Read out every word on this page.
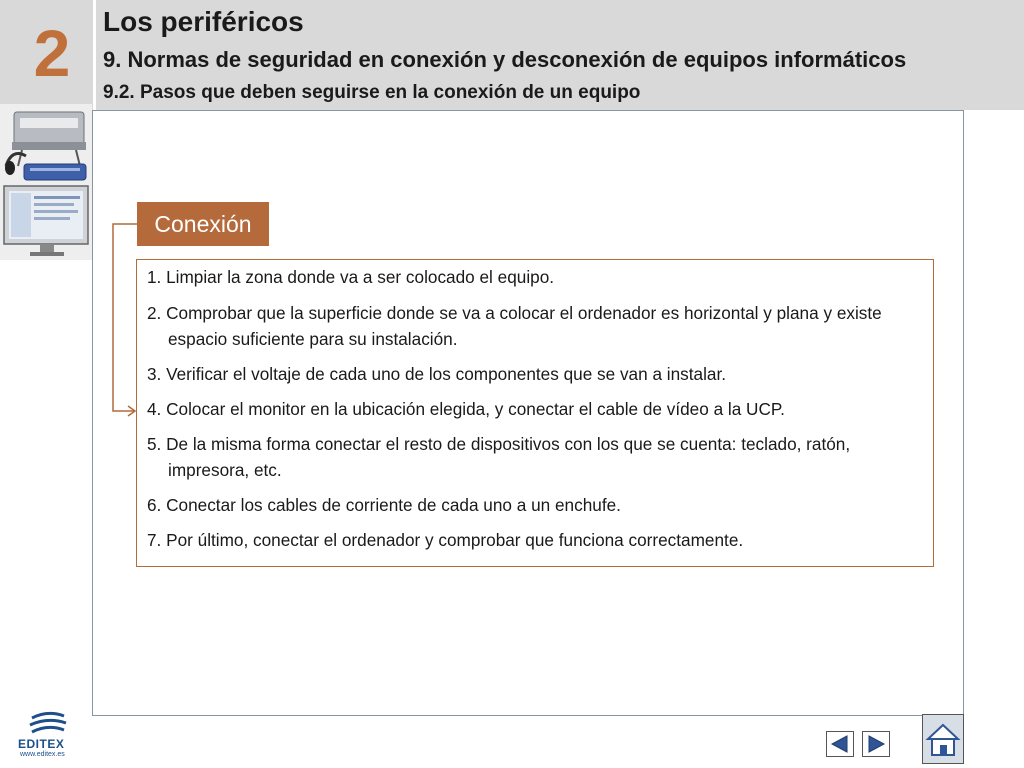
2	Los periféricos
9. Normas de seguridad en conexión y desconexión de equipos informáticos
9.2. Pasos que deben seguirse en la conexión de un equipo
Conexión
1. Limpiar la zona donde va a ser colocado el equipo.
2. Comprobar que la superficie donde se va a colocar el ordenador es horizontal y plana y existe espacio suficiente para su instalación.
3. Verificar el voltaje de cada uno de los componentes que se van a instalar.
4. Colocar el monitor en la ubicación elegida, y conectar el cable de vídeo a la UCP.
5. De la misma forma conectar el resto de dispositivos con los que se cuenta: teclado, ratón, impresora, etc.
6. Conectar los cables de corriente de cada uno a un enchufe.
7. Por último, conectar el ordenador y comprobar que funciona correctamente.
EDITEX
www.editex.es
